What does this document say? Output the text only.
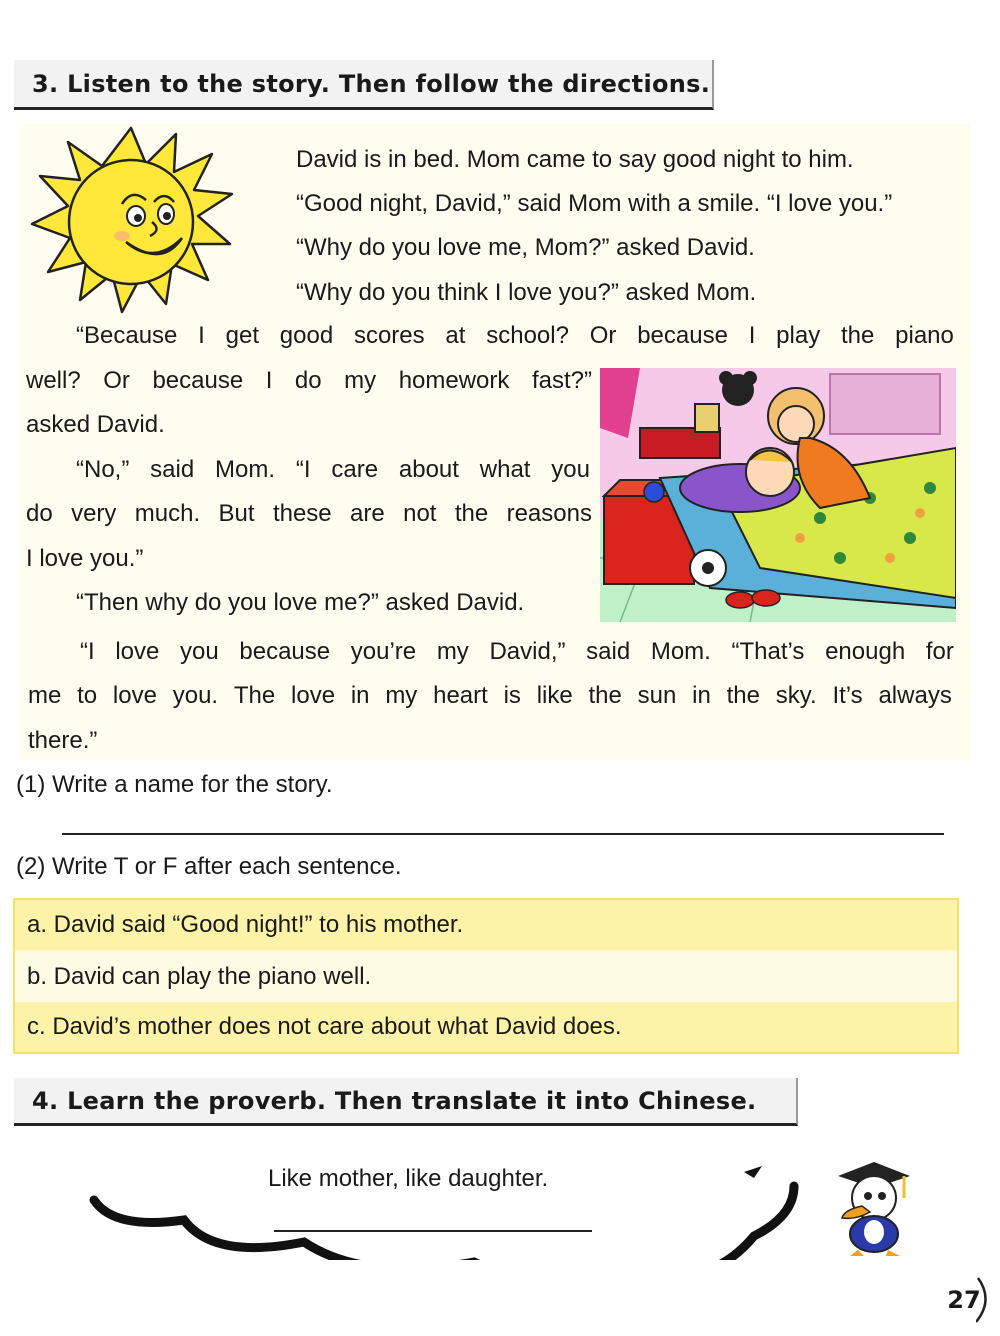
3. Listen to the story. Then follow the directions.
David is in bed. Mom came to say good night to him.
“Good night, David,” said Mom with a smile. “I love you.”
“Why do you love me, Mom?” asked David.
“Why do you think I love you?” asked Mom.
“Because I get good scores at school? Or because I play the piano
well? Or because I do my homework fast?”
asked David.
“No,” said Mom. “I care about what you
do very much. But these are not the reasons
I love you.”
“Then why do you love me?” asked David.
“I love you because you’re my David,” said Mom. “That’s enough for
me to love you. The love in my heart is like the sun in the sky. It’s always
there.”
(1) Write a name for the story.
(2) Write T or F after each sentence.
a. David said “Good night!” to his mother.
b. David can play the piano well.
c. David’s mother does not care about what David does.
4. Learn the proverb. Then translate it into Chinese.
Like mother, like daughter.
27
